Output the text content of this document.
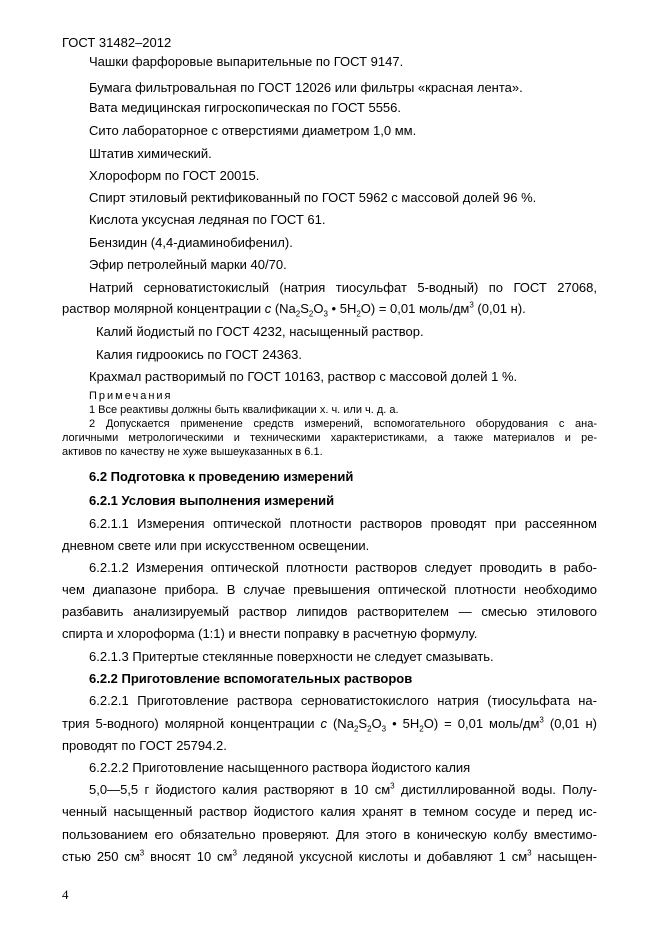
ГОСТ 31482–2012
Чашки фарфоровые выпарительные по ГОСТ 9147.
Бумага фильтровальная по ГОСТ 12026 или фильтры «красная лента».
Вата медицинская гигроскопическая по ГОСТ 5556.
Сито лабораторное с отверстиями диаметром 1,0 мм.
Штатив химический.
Хлороформ по ГОСТ 20015.
Спирт этиловый ректификованный по ГОСТ 5962 с массовой долей 96 %.
Кислота уксусная ледяная по ГОСТ 61.
Бензидин (4,4-диаминобифенил).
Эфир петролейный марки 40/70.
Натрий серноватистокислый (натрия тиосульфат 5-водный) по ГОСТ 27068,
раствор молярной концентрации c ($Na_2S_2O_3$ • $5H_2O) = 0,01$ моль/$дм^3$ (0,01 н).
Калий йодистый по ГОСТ 4232, насыщенный раствор.
Калия гидроокись по ГОСТ 24363.
Крахмал растворимый по ГОСТ 10163, раствор с массовой долей 1 %.
Примечания
1 Все реактивы должны быть квалификации х. ч. или ч. д. а.
2 Допускается применение средств измерений, вспомогательного оборудования с ана-
логичными метрологическими и техническими характеристиками, а также материалов и ре-
активов по качеству не хуже вышеуказанных в 6.1.
6.2 Подготовка к проведению измерений
6.2.1 Условия выполнения измерений
6.2.1.1 Измерения оптической плотности растворов проводят при рассеянном
дневном свете или при искусственном освещении.
6.2.1.2 Измерения оптической плотности растворов следует проводить в рабо-
чем диапазоне прибора. В случае превышения оптической плотности необходимо
разбавить анализируемый раствор липидов растворителем — смесью этилового
спирта и хлороформа (1:1) и внести поправку в расчетную формулу.
6.2.1.3 Притертые стеклянные поверхности не следует смазывать.
6.2.2 Приготовление вспомогательных растворов
6.2.2.1 Приготовление раствора серноватистокислого натрия (тиосульфата на-
трия 5-водного) молярной концентрации c ($Na_2S_2O_3$ • $5H_2O) = 0,01$ моль/$дм^3$ (0,01 н)
проводят по ГОСТ 25794.2.
6.2.2.2 Приготовление насыщенного раствора йодистого калия
5,0—5,5 г йодистого калия растворяют в 10 $см^3$ дистиллированной воды. Полу-
ченный насыщенный раствор йодистого калия хранят в темном сосуде и перед ис-
пользованием его обязательно проверяют. Для этого в коническую колбу вместимо-
стью 250 $см^3$ вносят 10 $см^3$ ледяной уксусной кислоты и добавляют 1 $см^3$ насыщен-
4
